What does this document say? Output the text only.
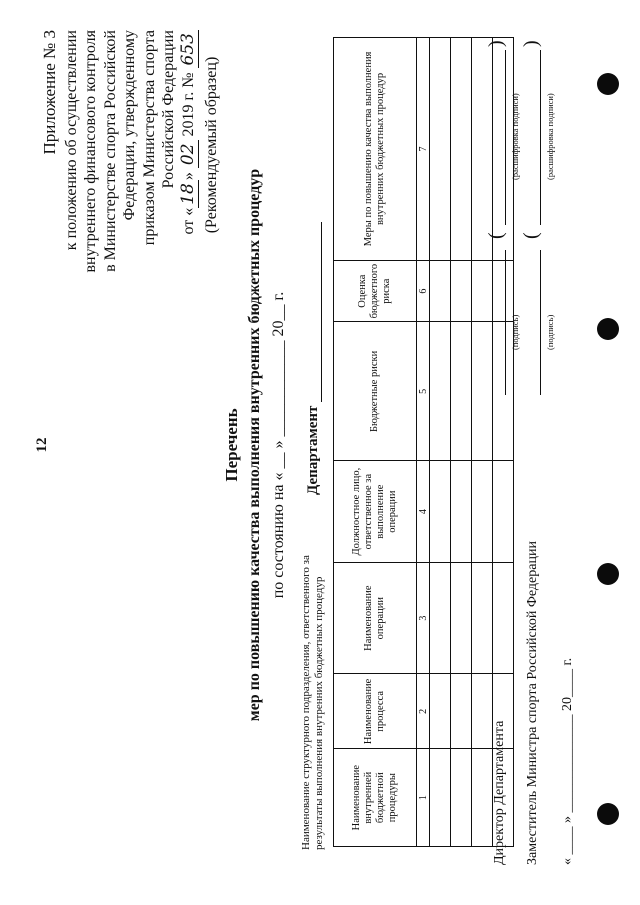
12
Приложение № 3 к положению об осуществлении внутреннего финансового контроля в Министерстве спорта Российской Федерации, утвержденному приказом Министерства спорта Российской Федерации
от «18» 02 2019 г. № 653
(Рекомендуемый образец)
Перечень мер по повышению качества выполнения внутренних бюджетных процедур по состоянию на « __ » ____________ 20__ г.
Наименование структурного подразделения, ответственного за результаты выполнения внутренних бюджетных процедур
Департамент
Наименование внутренней бюджетной процедуры	Наименование процесса	Наименование операции	Должностное лицо, ответственное за выполнение операции	Бюджетные риски	Оценка бюджетного риска	Меры по повышению качества выполнения внутренних бюджетных процедур
1	2	3	4	5	6	7

Директор Департамента
(подпись)
(
)
(расшифровка подписи)
Заместитель Министра спорта Российской Федерации
(подпись)
(
)
(расшифровка подписи)
« ____ » ______________ 20____ г.
